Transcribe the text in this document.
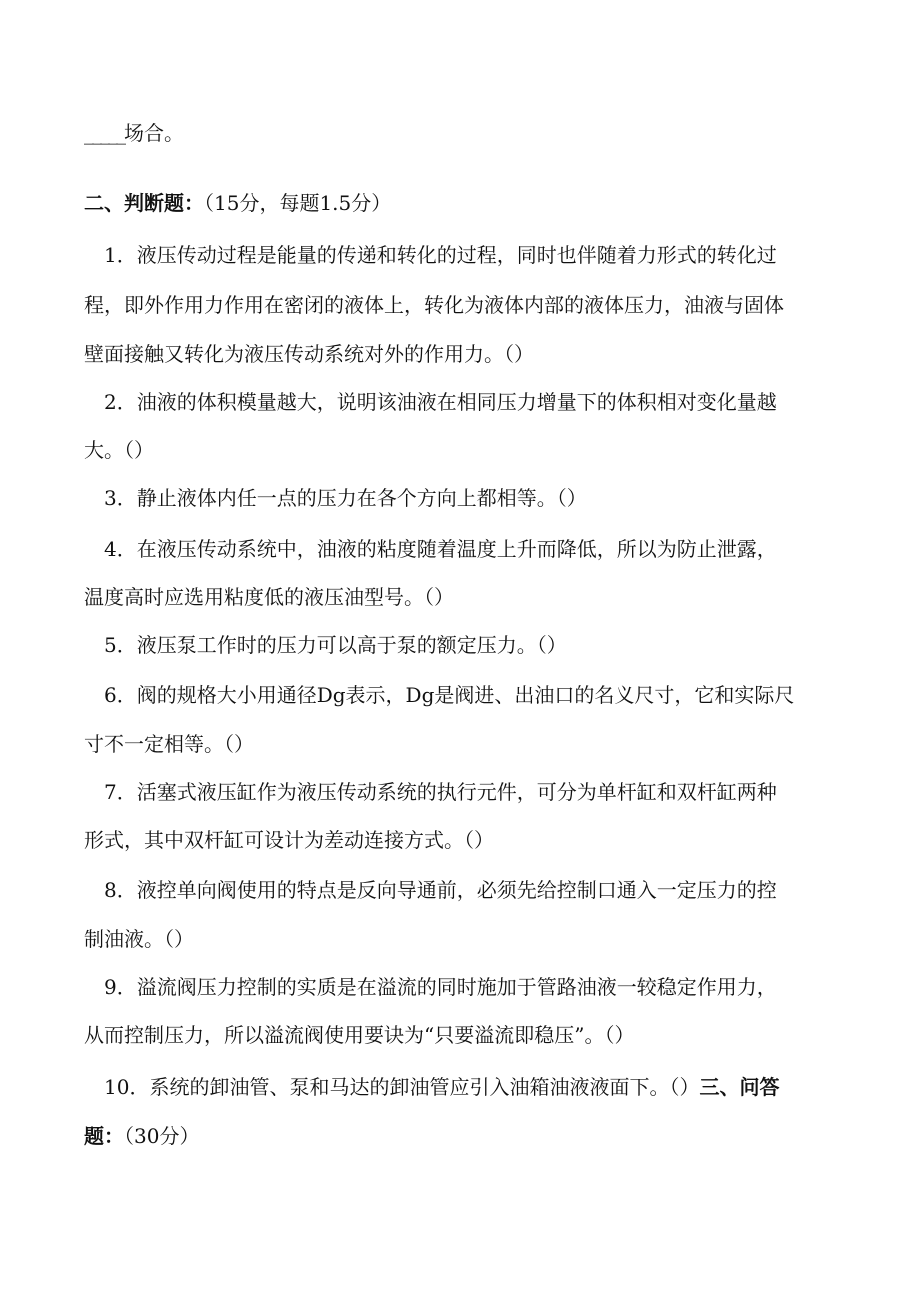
_____场合。
二、判断题：（15分，每题1.5分）
1．液压传动过程是能量的传递和转化的过程，同时也伴随着力形式的转化过
程，即外作用力作用在密闭的液体上，转化为液体内部的液体压力，油液与固体
壁面接触又转化为液压传动系统对外的作用力。（）
2．油液的体积模量越大，说明该油液在相同压力增量下的体积相对变化量越
大。（）
3．静止液体内任一点的压力在各个方向上都相等。（）
4．在液压传动系统中，油液的粘度随着温度上升而降低，所以为防止泄露，
温度高时应选用粘度低的液压油型号。（）
5．液压泵工作时的压力可以高于泵的额定压力。（）
6．阀的规格大小用通径Dg表示，Dg是阀进、出油口的名义尺寸，它和实际尺
寸不一定相等。（）
7．活塞式液压缸作为液压传动系统的执行元件，可分为单杆缸和双杆缸两种
形式，其中双杆缸可设计为差动连接方式。（）
8．液控单向阀使用的特点是反向导通前，必须先给控制口通入一定压力的控
制油液。（）
9．溢流阀压力控制的实质是在溢流的同时施加于管路油液一较稳定作用力，
从而控制压力，所以溢流阀使用要诀为“只要溢流即稳压”。（）
10．系统的卸油管、泵和马达的卸油管应引入油箱油液液面下。（）三、问答
题：（30分）
